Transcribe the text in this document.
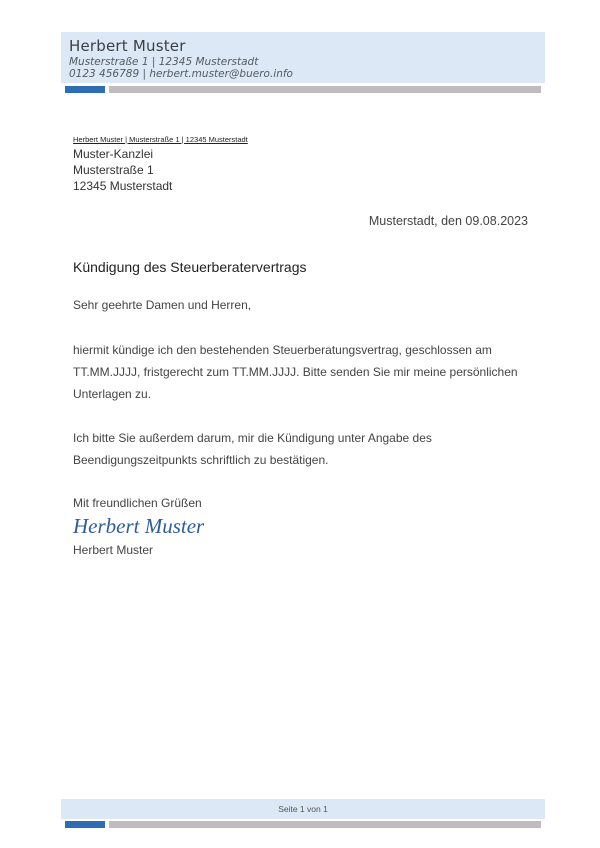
Herbert Muster
Musterstraße 1 | 12345 Musterstadt
0123 456789 | herbert.muster@buero.info
Herbert Muster | Musterstraße 1 | 12345 Musterstadt
Muster-Kanzlei
Musterstraße 1
12345 Musterstadt
Musterstadt, den 09.08.2023
Kündigung des Steuerberatervertrags
Sehr geehrte Damen und Herren,
hiermit kündige ich den bestehenden Steuerberatungsvertrag, geschlossen am
TT.MM.JJJJ, fristgerecht zum TT.MM.JJJJ. Bitte senden Sie mir meine persönlichen
Unterlagen zu.
Ich bitte Sie außerdem darum, mir die Kündigung unter Angabe des
Beendigungszeitpunkts schriftlich zu bestätigen.
Mit freundlichen Grüßen
Herbert Muster
Herbert Muster
Seite 1 von 1
